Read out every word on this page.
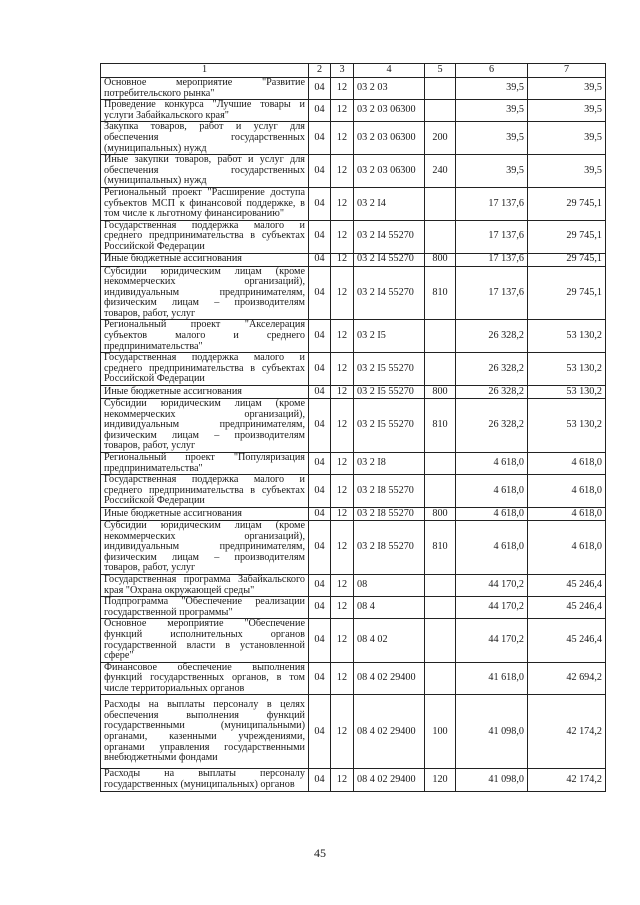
1	2	3	4	5	6	7
Основное мероприятие "Развитие потребительского рынка"	04	12	03 2 03		39,5	39,5
Проведение конкурса "Лучшие товары и услуги Забайкальского края"	04	12	03 2 03 06300		39,5	39,5
Закупка товаров, работ и услуг для обеспечения государственных (муниципальных) нужд	04	12	03 2 03 06300	200	39,5	39,5
Иные закупки товаров, работ и услуг для обеспечения государственных (муниципальных) нужд	04	12	03 2 03 06300	240	39,5	39,5
Региональный проект "Расширение доступа субъектов МСП к финансовой поддержке, в том числе к льготному финансированию"	04	12	03 2 I4		17 137,6	29 745,1
Государственная поддержка малого и среднего предпринимательства в субъектах Российской Федерации	04	12	03 2 I4 55270		17 137,6	29 745,1
Иные бюджетные ассигнования	04	12	03 2 I4 55270	800	17 137,6	29 745,1
Субсидии юридическим лицам (кроме некоммерческих организаций), индивидуальным предпринимателям, физическим лицам – производителям товаров, работ, услуг	04	12	03 2 I4 55270	810	17 137,6	29 745,1
Региональный проект "Акселерация субъектов малого и среднего предпринимательства"	04	12	03 2 I5		26 328,2	53 130,2
Государственная поддержка малого и среднего предпринимательства в субъектах Российской Федерации	04	12	03 2 I5 55270		26 328,2	53 130,2
Иные бюджетные ассигнования	04	12	03 2 I5 55270	800	26 328,2	53 130,2
Субсидии юридическим лицам (кроме некоммерческих организаций), индивидуальным предпринимателям, физическим лицам – производителям товаров, работ, услуг	04	12	03 2 I5 55270	810	26 328,2	53 130,2
Региональный проект "Популяризация предпринимательства"	04	12	03 2 I8		4 618,0	4 618,0
Государственная поддержка малого и среднего предпринимательства в субъектах Российской Федерации	04	12	03 2 I8 55270		4 618,0	4 618,0
Иные бюджетные ассигнования	04	12	03 2 I8 55270	800	4 618,0	4 618,0
Субсидии юридическим лицам (кроме некоммерческих организаций), индивидуальным предпринимателям, физическим лицам – производителям товаров, работ, услуг	04	12	03 2 I8 55270	810	4 618,0	4 618,0
Государственная программа Забайкальского края "Охрана окружающей среды"	04	12	08		44 170,2	45 246,4
Подпрограмма "Обеспечение реализации государственной программы"	04	12	08 4		44 170,2	45 246,4
Основное мероприятие "Обеспечение функций исполнительных органов государственной власти в установленной сфере"	04	12	08 4 02		44 170,2	45 246,4
Финансовое обеспечение выполнения функций государственных органов, в том числе территориальных органов	04	12	08 4 02 29400		41 618,0	42 694,2
Расходы на выплаты персоналу в целях обеспечения выполнения функций государственными (муниципальными) органами, казенными учреждениями, органами управления государственными внебюджетными фондами	04	12	08 4 02 29400	100	41 098,0	42 174,2
Расходы на выплаты персоналу государственных (муниципальных) органов	04	12	08 4 02 29400	120	41 098,0	42 174,2
45
